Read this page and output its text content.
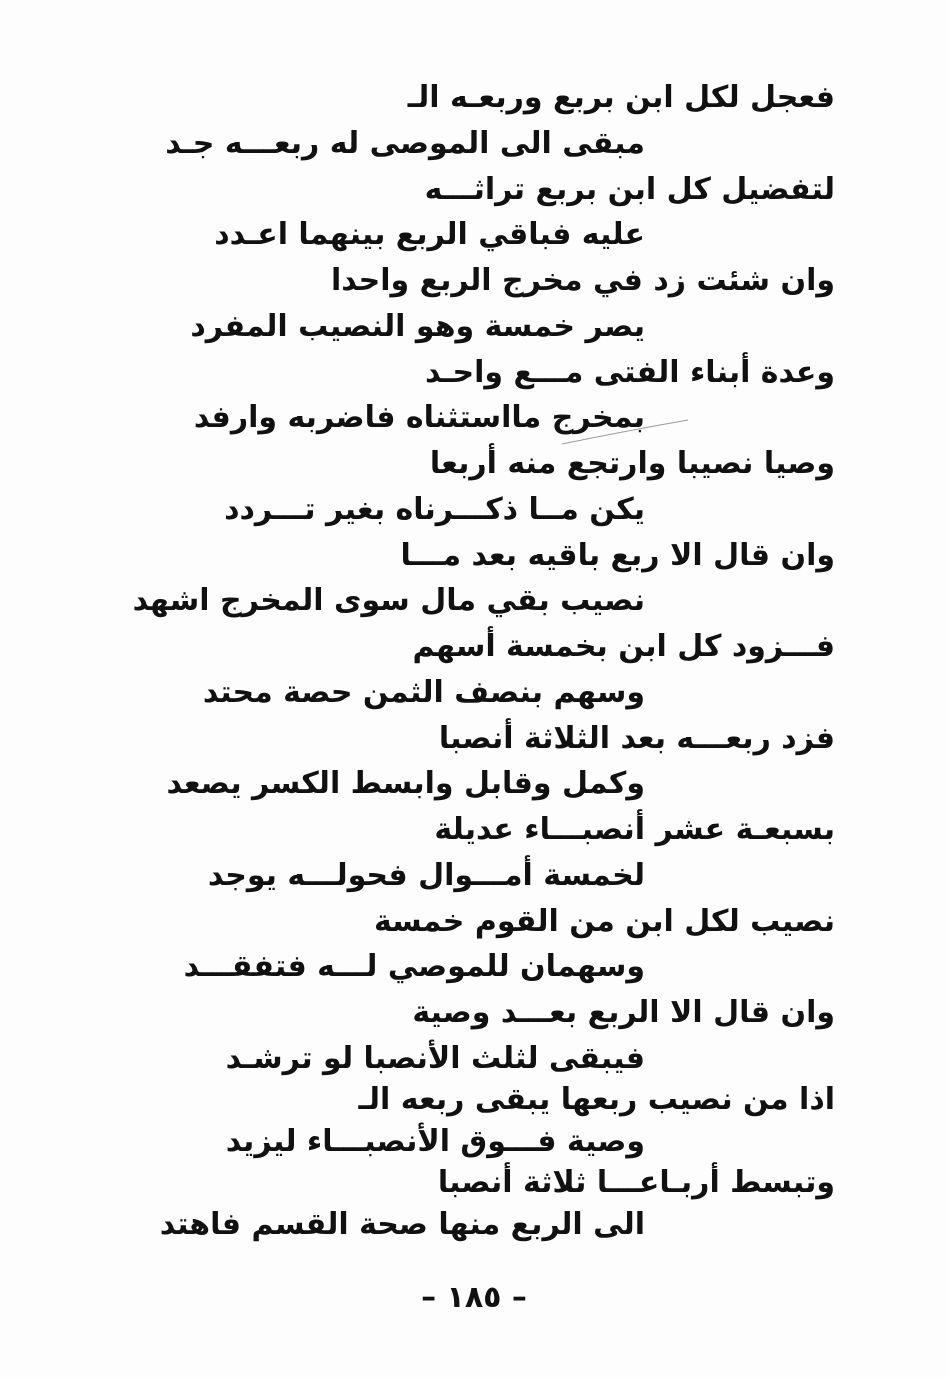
فعجل لكل ابن بربع وربعـه الـ
مبقى الى الموصى له ربعـــه جـد
لتفضيل كل ابن بربع تراثـــه
عليه فباقي الربع بينهما اعـدد
وان شئت زد في مخرج الربع واحدا
يصر خمسة وهو النصيب المفرد
وعدة أبناء الفتى مـــع واحـد
بمخرج مااستثناه فاضربه وارفد
وصيا نصيبا وارتجع منه أربعا
يكن مــا ذكـــرناه بغير تـــردد
وان قال الا ربع باقيه بعد مـــا
نصيب بقي مال سوى المخرج اشهد
فـــزود كل ابن بخمسة أسهم
وسهم بنصف الثمن حصة محتد
فزد ربعـــه بعد الثلاثة أنصبا
وكمل وقابل وابسط الكسر يصعد
بسبعـة عشر أنصبـــاء عديلة
لخمسة أمـــوال فحولـــه يوجد
نصيب لكل ابن من القوم خمسة
وسهمان للموصي لـــه فتفقـــد
وان قال الا الربع بعـــد وصية
فيبقى لثلث الأنصبا لو ترشـد
اذا من نصيب ربعها يبقى ربعه الـ
وصية فـــوق الأنصبـــاء ليزيد
وتبسط أربـاعـــا ثلاثة أنصبا
الى الربع منها صحة القسم فاهتد
– ١٨٥ –
